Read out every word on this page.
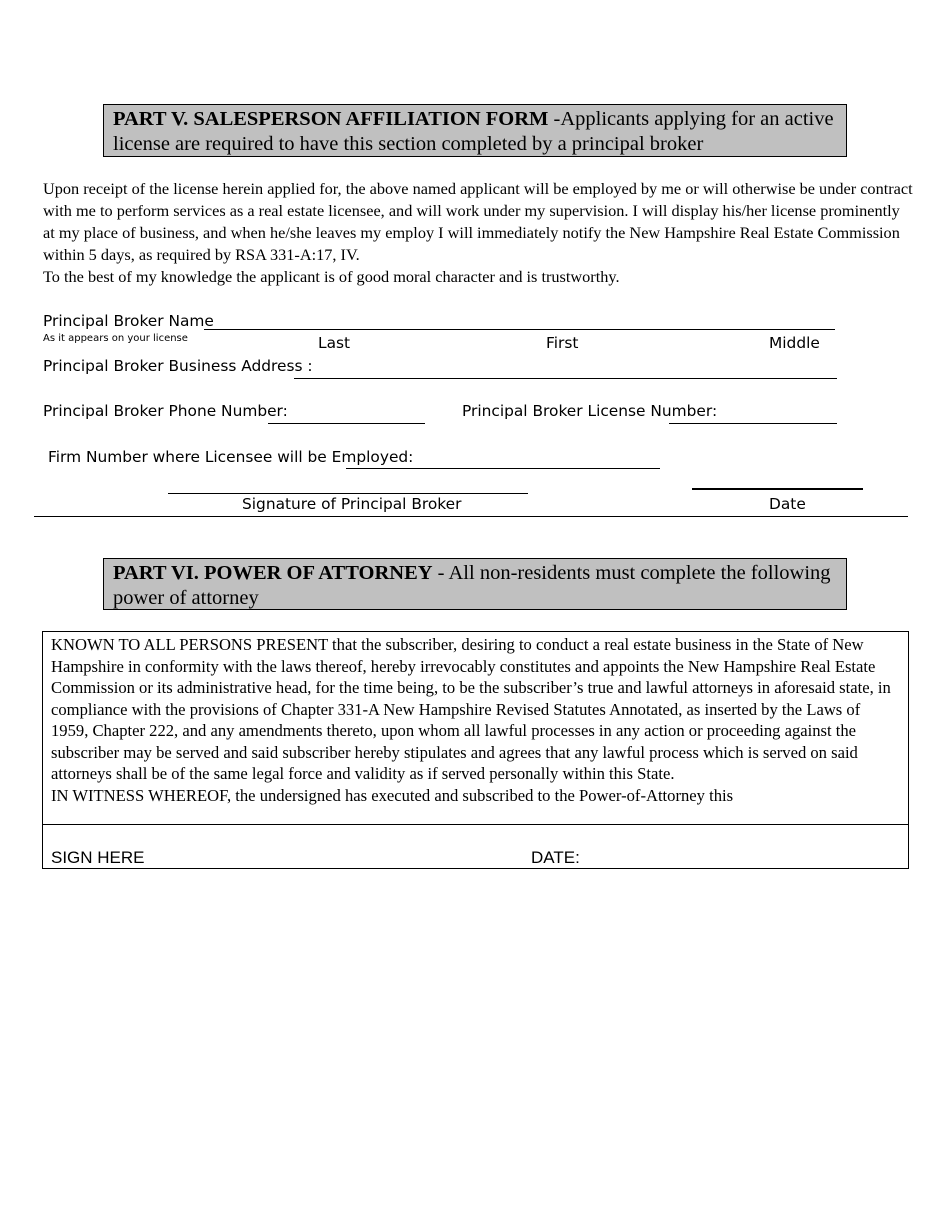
PART V. SALESPERSON AFFILIATION FORM -Applicants applying for an active license are required to have this section completed by a principal broker

Upon receipt of the license herein applied for, the above named applicant will be employed by me or will otherwise be under contract with me to perform services as a real estate licensee, and will work under my supervision. I will display his/her license prominently at my place of business, and when he/she leaves my employ I will immediately notify the New Hampshire Real Estate Commission within 5 days, as required by RSA 331-A:17, IV.

To the best of my knowledge the applicant is of good moral character and is trustworthy.

Principal Broker Name
As it appears on your license	Last	First	Middle
Principal Broker Business Address :
Principal Broker Phone Number:	Principal Broker License Number:
Firm Number where Licensee will be Employed:
Signature of Principal Broker	Date
PART VI. POWER OF ATTORNEY - All non-residents must complete the following power of attorney
KNOWN TO ALL PERSONS PRESENT that the subscriber, desiring to conduct a real estate business in the State of New Hampshire in conformity with the laws thereof, hereby irrevocably constitutes and appoints the New Hampshire Real Estate Commission or its administrative head, for the time being, to be the subscriber’s true and lawful attorneys in aforesaid state, in compliance with the provisions of Chapter 331-A New Hampshire Revised Statutes Annotated, as inserted by the Laws of 1959, Chapter 222, and any amendments thereto, upon whom all lawful processes in any action or proceeding against the subscriber may be served and said subscriber hereby stipulates and agrees that any lawful process which is served on said attorneys shall be of the same legal force and validity as if served personally within this State.
IN WITNESS WHEREOF, the undersigned has executed and subscribed to the Power-of-Attorney this
SIGN HERE	DATE:
